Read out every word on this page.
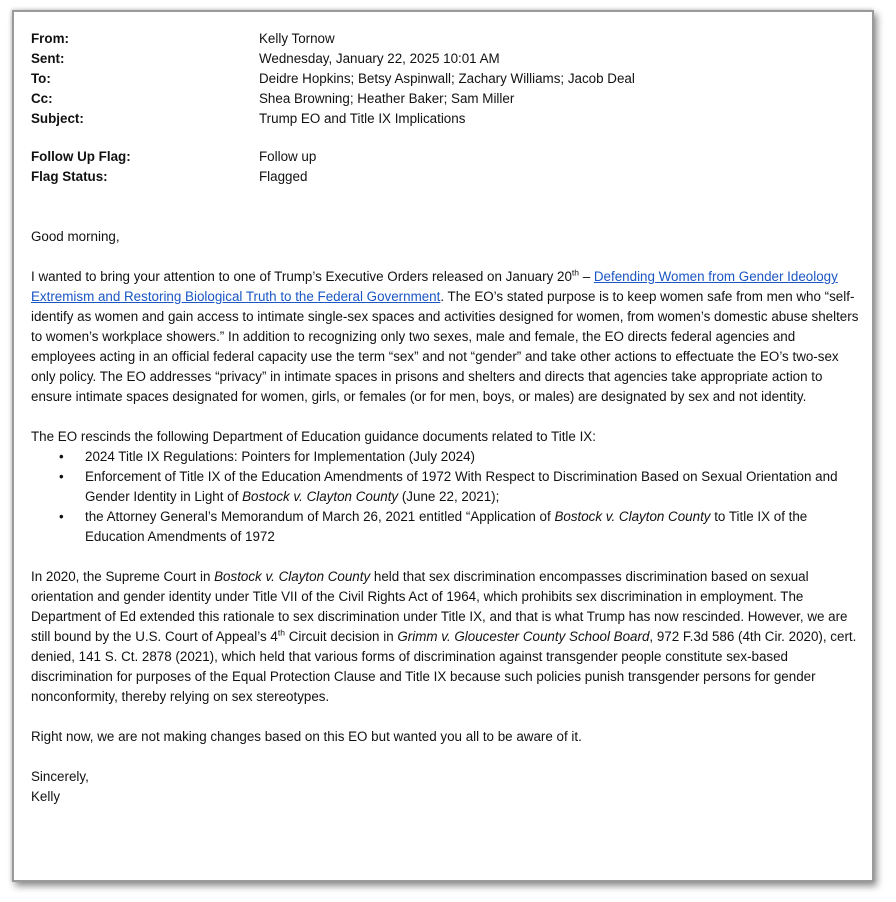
From:	Kelly Tornow
Sent:	Wednesday, January 22, 2025 10:01 AM
To:	Deidre Hopkins; Betsy Aspinwall; Zachary Williams; Jacob Deal
Cc:	Shea Browning; Heather Baker; Sam Miller
Subject:	Trump EO and Title IX Implications
Follow Up Flag:	Follow up
Flag Status:	Flagged

Good morning,

I wanted to bring your attention to one of Trump’s Executive Orders released on January 20th – Defending Women from Gender Ideology Extremism and Restoring Biological Truth to the Federal Government. The EO’s stated purpose is to keep women safe from men who “self-identify as women and gain access to intimate single-sex spaces and activities designed for women, from women’s domestic abuse shelters to women’s workplace showers.” In addition to recognizing only two sexes, male and female, the EO directs federal agencies and employees acting in an official federal capacity use the term “sex” and not “gender” and take other actions to effectuate the EO’s two-sex only policy. The EO addresses “privacy” in intimate spaces in prisons and shelters and directs that agencies take appropriate action to ensure intimate spaces designated for women, girls, or females (or for men, boys, or males) are designated by sex and not identity.

The EO rescinds the following Department of Education guidance documents related to Title IX:

• 2024 Title IX Regulations: Pointers for Implementation (July 2024)
• Enforcement of Title IX of the Education Amendments of 1972 With Respect to Discrimination Based on Sexual Orientation and Gender Identity in Light of Bostock v. Clayton County (June 22, 2021);
• the Attorney General’s Memorandum of March 26, 2021 entitled “Application of Bostock v. Clayton County to Title IX of the Education Amendments of 1972

In 2020, the Supreme Court in Bostock v. Clayton County held that sex discrimination encompasses discrimination based on sexual orientation and gender identity under Title VII of the Civil Rights Act of 1964, which prohibits sex discrimination in employment. The Department of Ed extended this rationale to sex discrimination under Title IX, and that is what Trump has now rescinded. However, we are still bound by the U.S. Court of Appeal’s 4th Circuit decision in Grimm v. Gloucester County School Board, 972 F.3d 586 (4th Cir. 2020), cert. denied, 141 S. Ct. 2878 (2021), which held that various forms of discrimination against transgender people constitute sex-based discrimination for purposes of the Equal Protection Clause and Title IX because such policies punish transgender persons for gender nonconformity, thereby relying on sex stereotypes.

Right now, we are not making changes based on this EO but wanted you all to be aware of it.

Sincerely,

Kelly
